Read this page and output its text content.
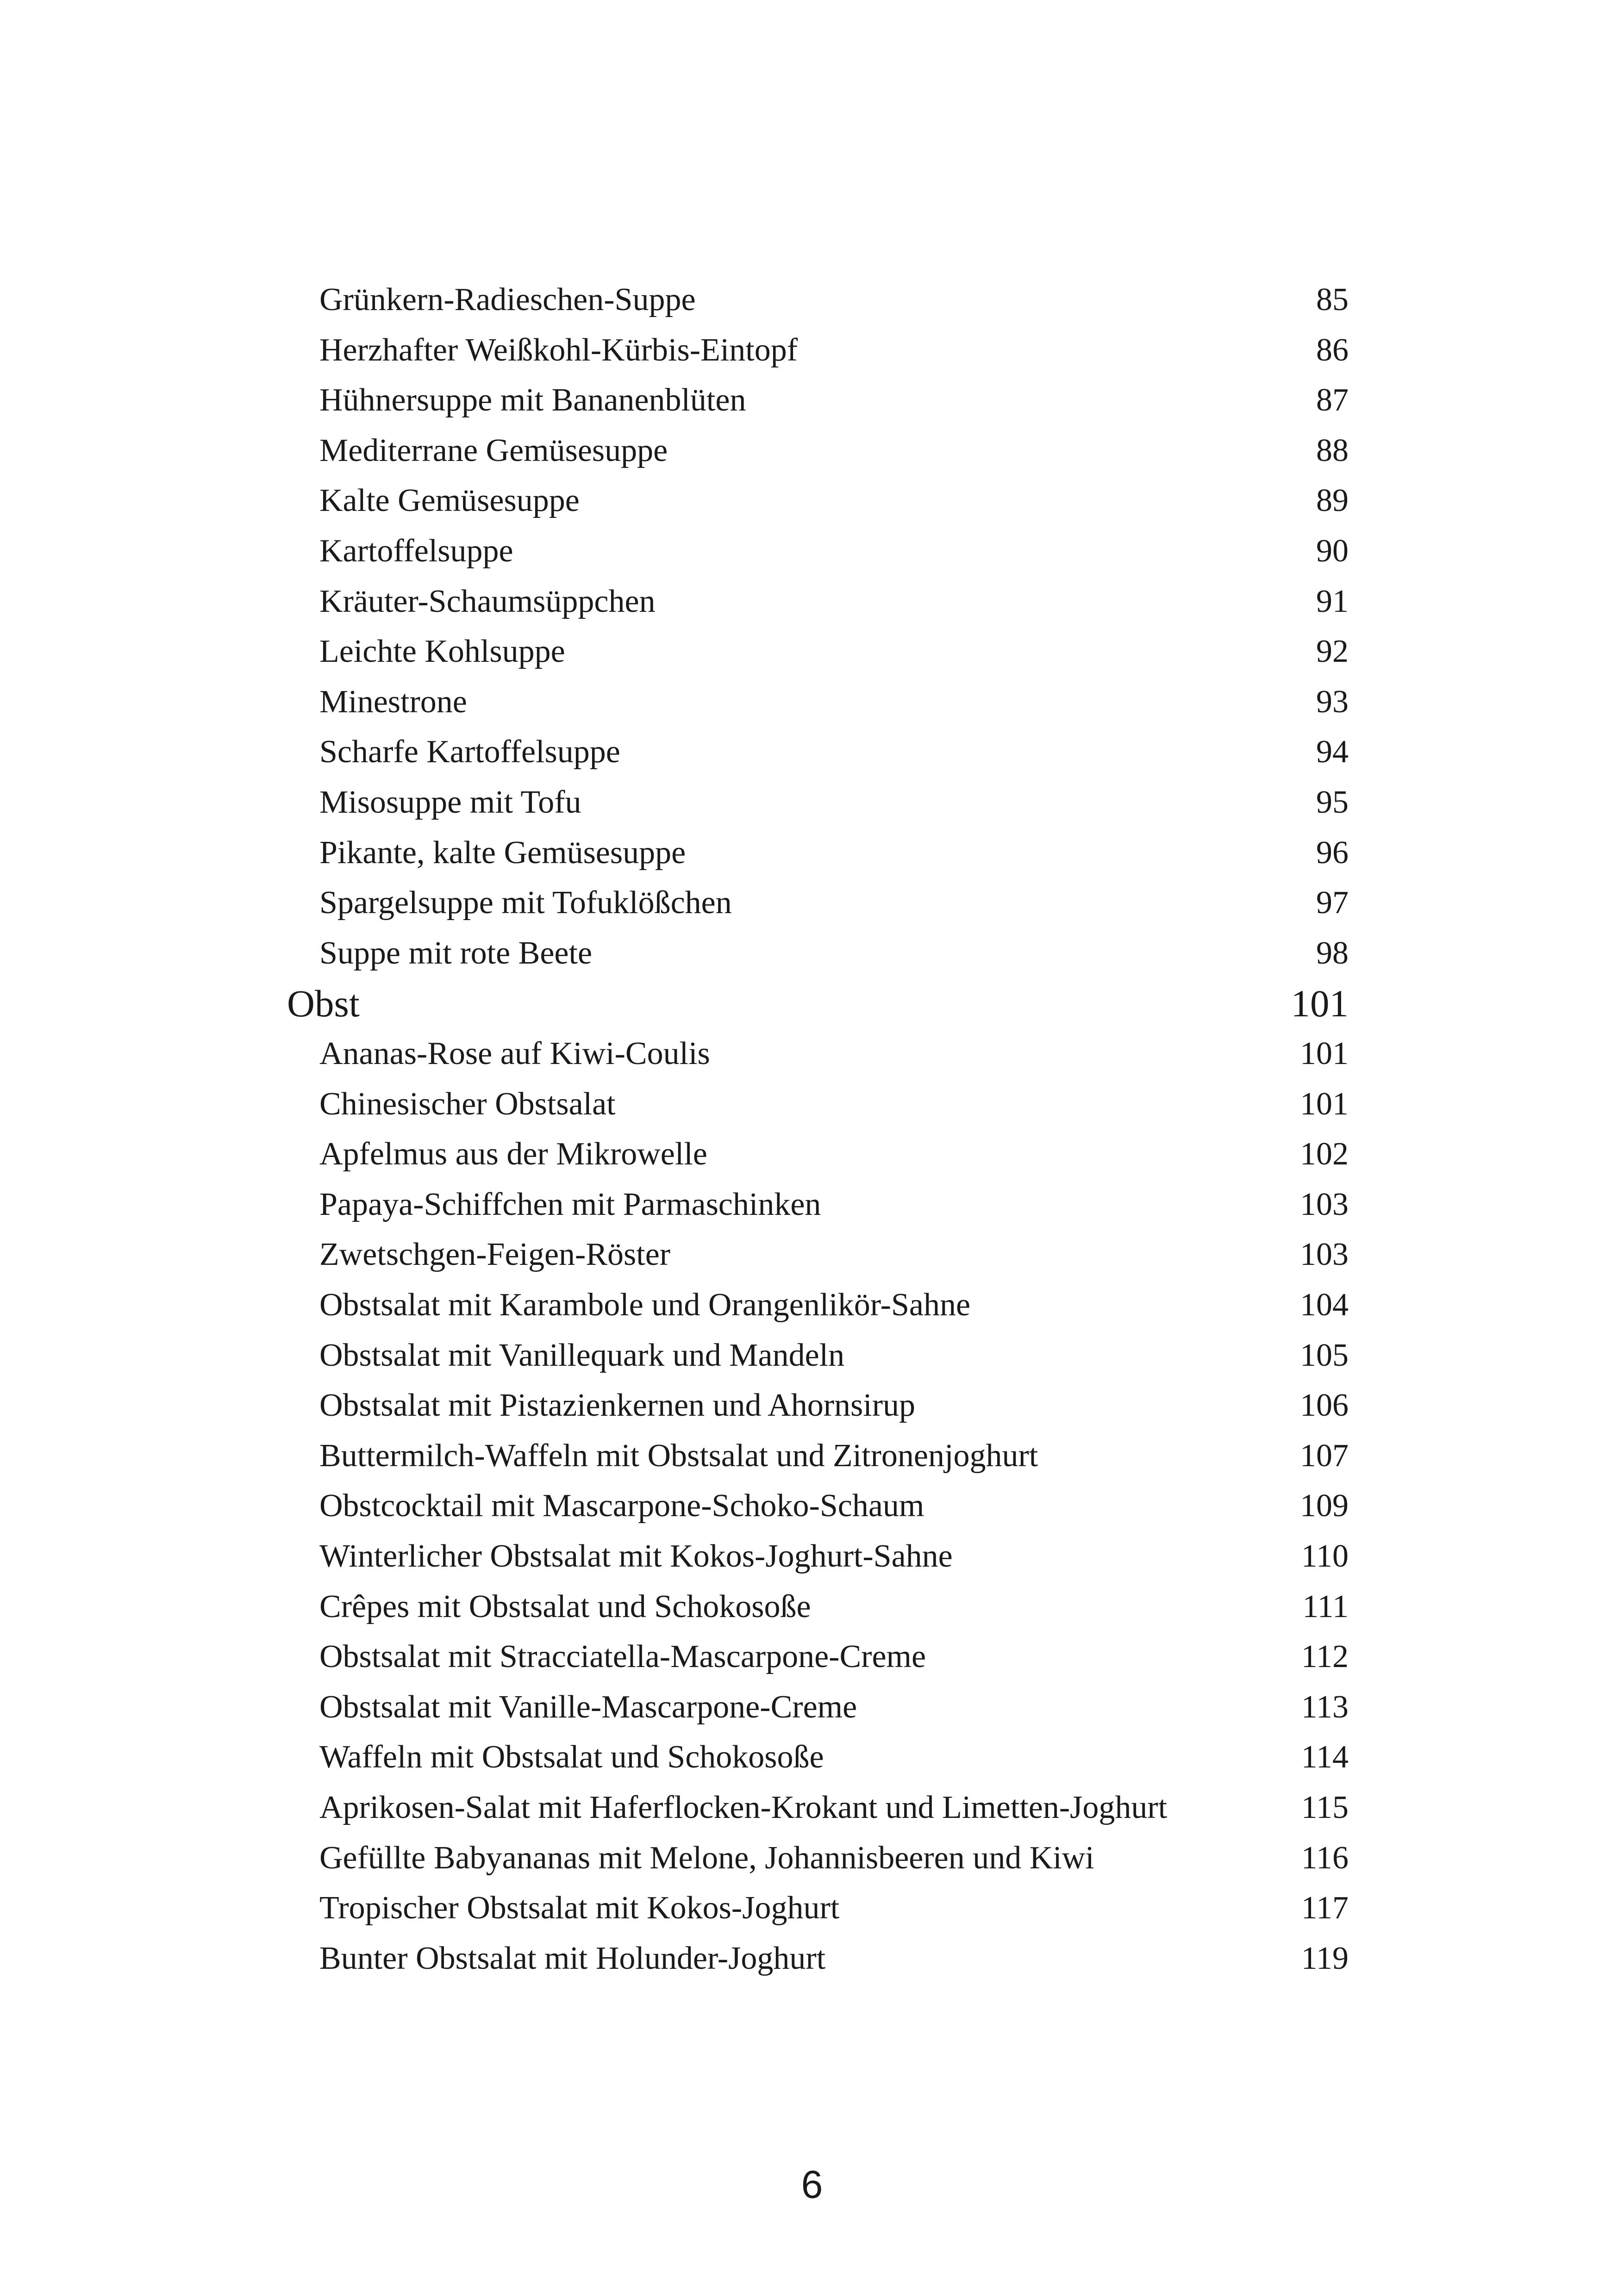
Grünkern-Radieschen-Suppe	85
Herzhafter Weißkohl-Kürbis-Eintopf	86
Hühnersuppe mit Bananenblüten	87
Mediterrane Gemüsesuppe	88
Kalte Gemüsesuppe	89
Kartoffelsuppe	90
Kräuter-Schaumsüppchen	91
Leichte Kohlsuppe	92
Minestrone	93
Scharfe Kartoffelsuppe	94
Misosuppe mit Tofu	95
Pikante, kalte Gemüsesuppe	96
Spargelsuppe mit Tofuklößchen	97
Suppe mit rote Beete	98
Obst	101
Ananas-Rose auf Kiwi-Coulis	101
Chinesischer Obstsalat	101
Apfelmus aus der Mikrowelle	102
Papaya-Schiffchen mit Parmaschinken	103
Zwetschgen-Feigen-Röster	103
Obstsalat mit Karambole und Orangenlikör-Sahne	104
Obstsalat mit Vanillequark und Mandeln	105
Obstsalat mit Pistazienkernen und Ahornsirup	106
Buttermilch-Waffeln mit Obstsalat und Zitronenjoghurt	107
Obstcocktail mit Mascarpone-Schoko-Schaum	109
Winterlicher Obstsalat mit Kokos-Joghurt-Sahne	110
Crêpes mit Obstsalat und Schokosoße	111
Obstsalat mit Stracciatella-Mascarpone-Creme	112
Obstsalat mit Vanille-Mascarpone-Creme	113
Waffeln mit Obstsalat und Schokosoße	114
Aprikosen-Salat mit Haferflocken-Krokant und Limetten-Joghurt	115
Gefüllte Babyananas mit Melone, Johannisbeeren und Kiwi	116
Tropischer Obstsalat mit Kokos-Joghurt	117
Bunter Obstsalat mit Holunder-Joghurt	119
6
